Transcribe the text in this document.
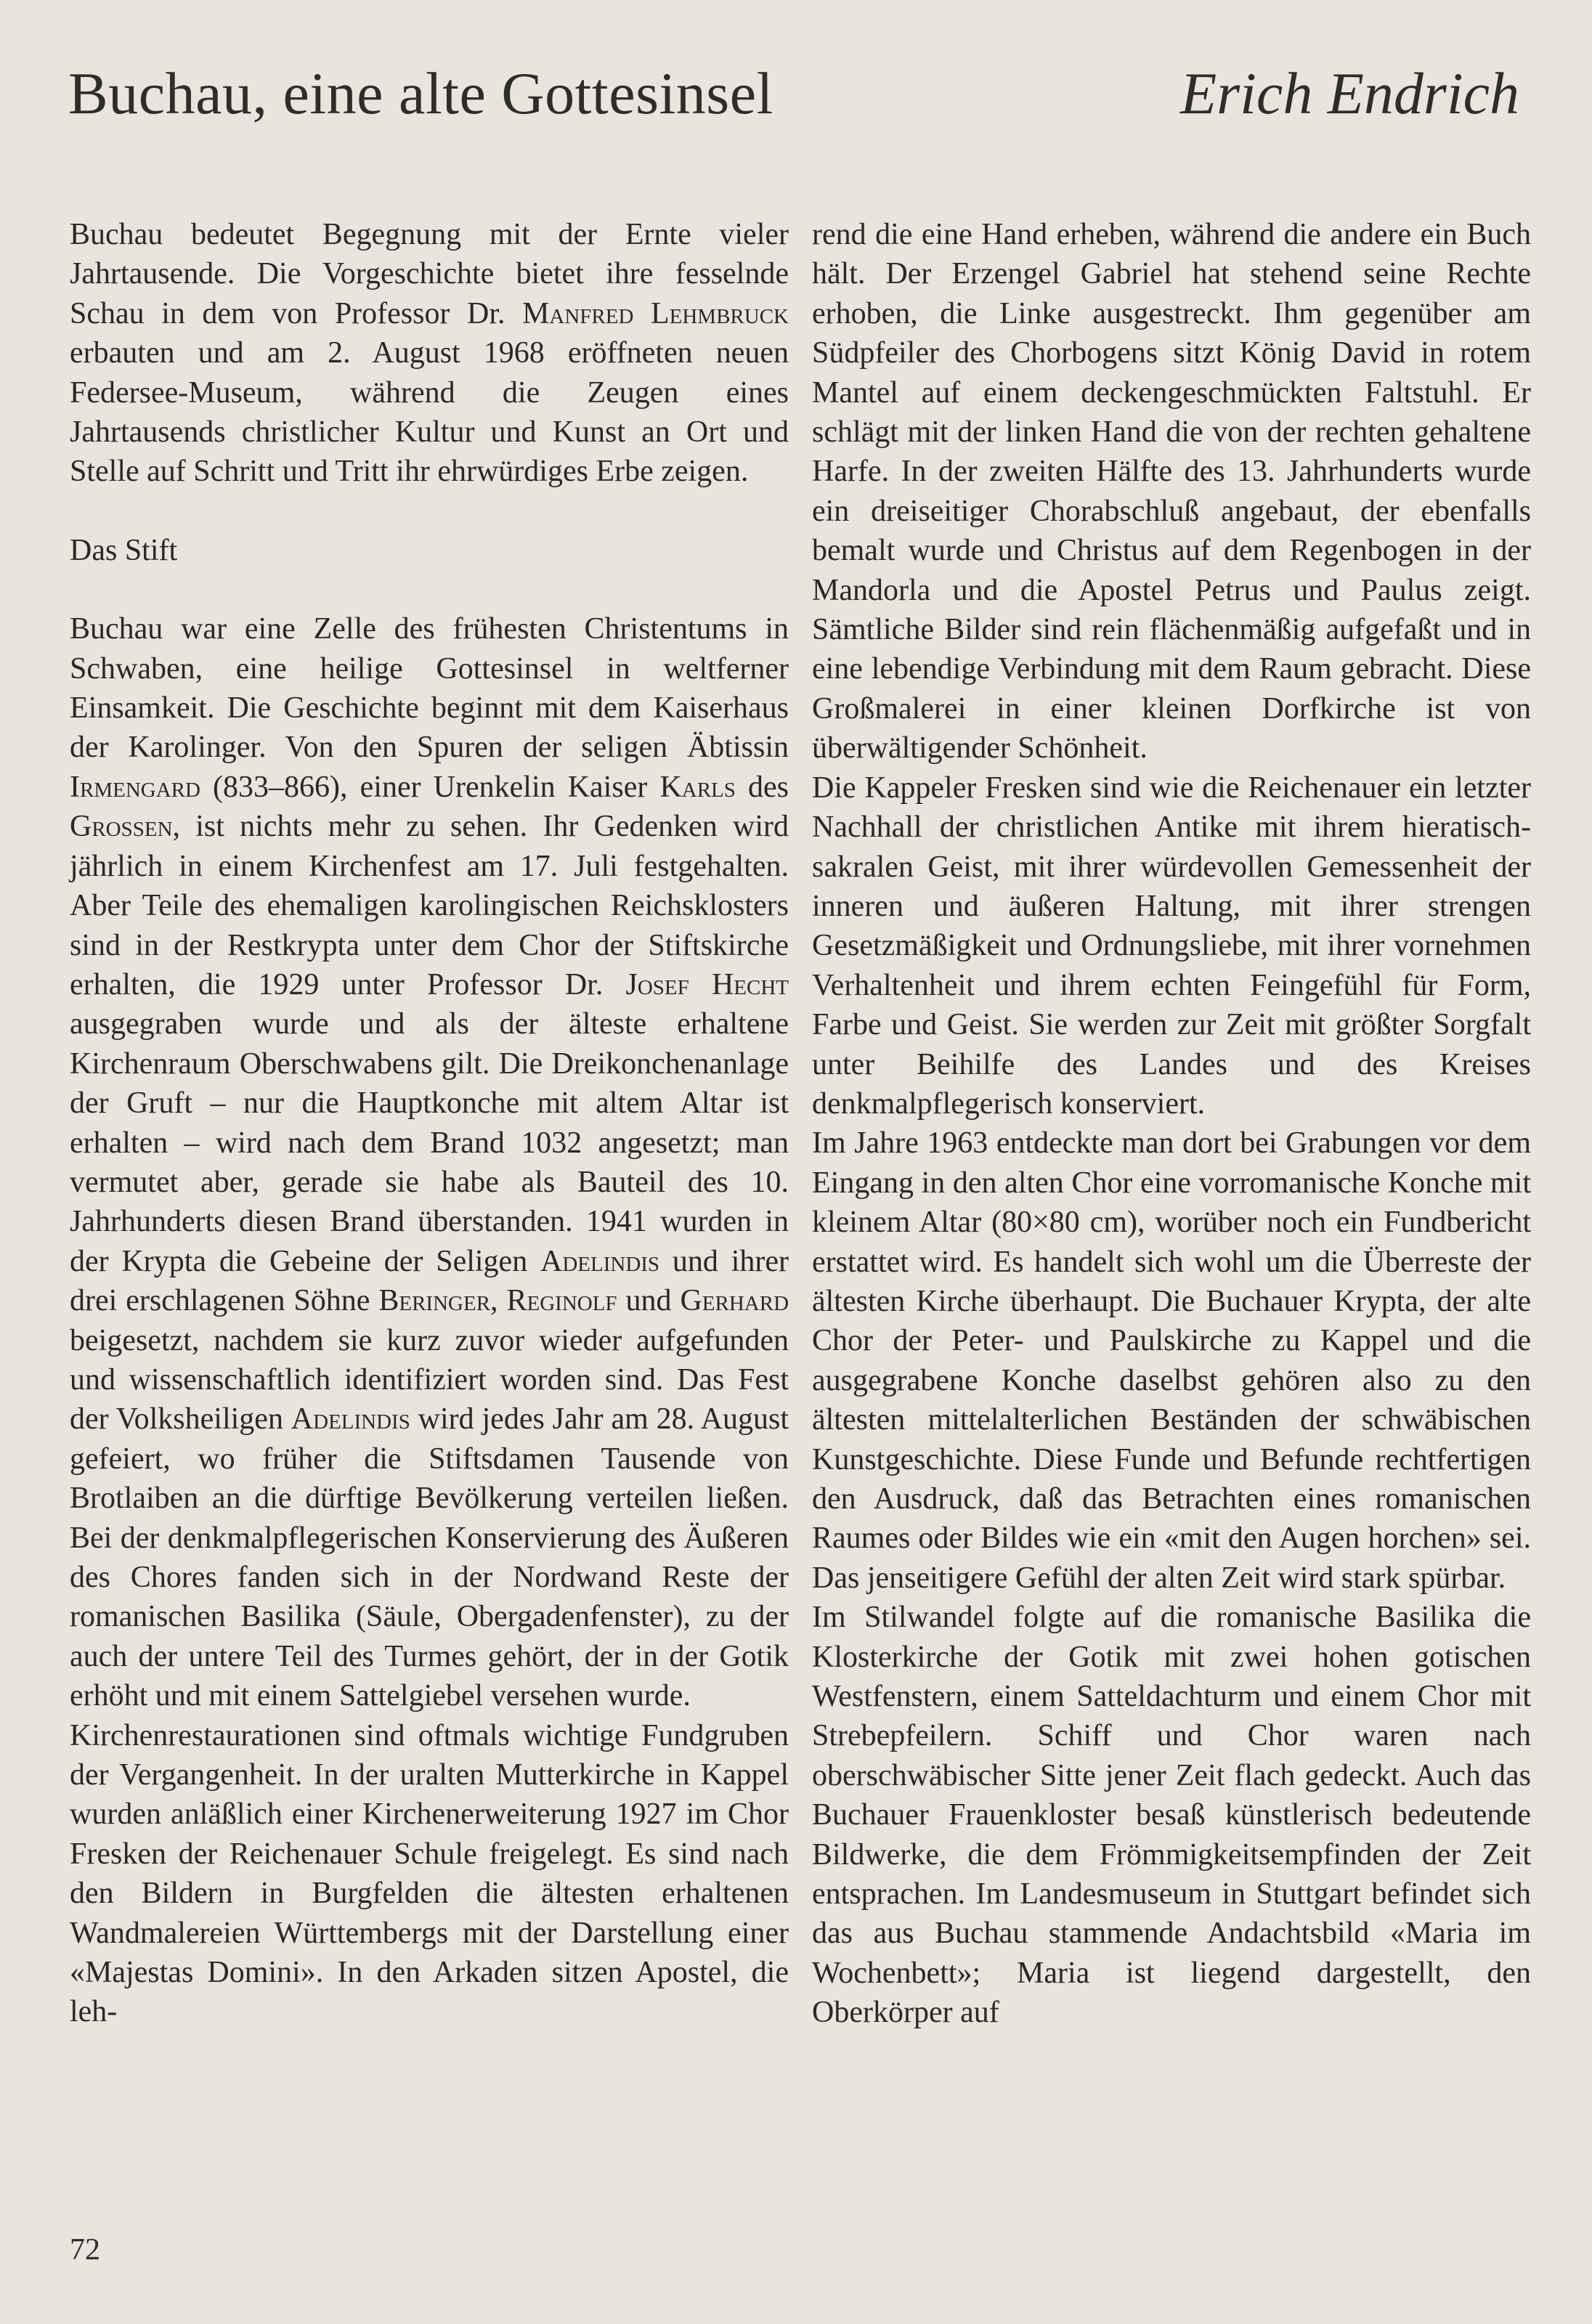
Buchau, eine alte Gottesinsel	Erich Endrich

Buchau bedeutet Begegnung mit der Ernte vieler Jahrtausende. Die Vorgeschichte bietet ihre fesselnde Schau in dem von Professor Dr. Manfred Lehmbruck erbauten und am 2. August 1968 eröffneten neuen Federsee-Museum, während die Zeugen eines Jahrtausends christlicher Kultur und Kunst an Ort und Stelle auf Schritt und Tritt ihr ehrwürdiges Erbe zeigen.

Das Stift

Buchau war eine Zelle des frühesten Christentums in Schwaben, eine heilige Gottesinsel in weltferner Einsamkeit. Die Geschichte beginnt mit dem Kaiserhaus der Karolinger. Von den Spuren der seligen Äbtissin Irmengard (833–866), einer Urenkelin Kaiser Karls des Grossen, ist nichts mehr zu sehen. Ihr Gedenken wird jährlich in einem Kirchenfest am 17. Juli festgehalten. Aber Teile des ehemaligen karolingischen Reichsklosters sind in der Restkrypta unter dem Chor der Stiftskirche erhalten, die 1929 unter Professor Dr. Josef Hecht ausgegraben wurde und als der älteste erhaltene Kirchenraum Oberschwabens gilt. Die Dreikonchenanlage der Gruft – nur die Hauptkonche mit altem Altar ist erhalten – wird nach dem Brand 1032 angesetzt; man vermutet aber, gerade sie habe als Bauteil des 10. Jahrhunderts diesen Brand überstanden. 1941 wurden in der Krypta die Gebeine der Seligen Adelindis und ihrer drei erschlagenen Söhne Beringer, Reginolf und Gerhard beigesetzt, nachdem sie kurz zuvor wieder aufgefunden und wissenschaftlich identifiziert worden sind. Das Fest der Volksheiligen Adelindis wird jedes Jahr am 28. August gefeiert, wo früher die Stiftsdamen Tausende von Brotlaiben an die dürftige Bevölkerung verteilen ließen. Bei der denkmalpflegerischen Konservierung des Äußeren des Chores fanden sich in der Nordwand Reste der romanischen Basilika (Säule, Obergadenfenster), zu der auch der untere Teil des Turmes gehört, der in der Gotik erhöht und mit einem Sattelgiebel versehen wurde.

Kirchenrestaurationen sind oftmals wichtige Fundgruben der Vergangenheit. In der uralten Mutterkirche in Kappel wurden anläßlich einer Kirchenerweiterung 1927 im Chor Fresken der Reichenauer Schule freigelegt. Es sind nach den Bildern in Burgfelden die ältesten erhaltenen Wandmalereien Württembergs mit der Darstellung einer «Majestas Domini». In den Arkaden sitzen Apostel, die leh-

rend die eine Hand erheben, während die andere ein Buch hält. Der Erzengel Gabriel hat stehend seine Rechte erhoben, die Linke ausgestreckt. Ihm gegenüber am Südpfeiler des Chorbogens sitzt König David in rotem Mantel auf einem deckengeschmückten Faltstuhl. Er schlägt mit der linken Hand die von der rechten gehaltene Harfe. In der zweiten Hälfte des 13. Jahrhunderts wurde ein dreiseitiger Chorabschluß angebaut, der ebenfalls bemalt wurde und Christus auf dem Regenbogen in der Mandorla und die Apostel Petrus und Paulus zeigt. Sämtliche Bilder sind rein flächenmäßig aufgefaßt und in eine lebendige Verbindung mit dem Raum gebracht. Diese Großmalerei in einer kleinen Dorfkirche ist von überwältigender Schönheit.

Die Kappeler Fresken sind wie die Reichenauer ein letzter Nachhall der christlichen Antike mit ihrem hieratisch-sakralen Geist, mit ihrer würdevollen Gemessenheit der inneren und äußeren Haltung, mit ihrer strengen Gesetzmäßigkeit und Ordnungsliebe, mit ihrer vornehmen Verhaltenheit und ihrem echten Feingefühl für Form, Farbe und Geist. Sie werden zur Zeit mit größter Sorgfalt unter Beihilfe des Landes und des Kreises denkmalpflegerisch konserviert.

Im Jahre 1963 entdeckte man dort bei Grabungen vor dem Eingang in den alten Chor eine vorromanische Konche mit kleinem Altar (80×80 cm), worüber noch ein Fundbericht erstattet wird. Es handelt sich wohl um die Überreste der ältesten Kirche überhaupt. Die Buchauer Krypta, der alte Chor der Peter- und Paulskirche zu Kappel und die ausgegrabene Konche daselbst gehören also zu den ältesten mittelalterlichen Beständen der schwäbischen Kunstgeschichte. Diese Funde und Befunde rechtfertigen den Ausdruck, daß das Betrachten eines romanischen Raumes oder Bildes wie ein «mit den Augen horchen» sei. Das jenseitigere Gefühl der alten Zeit wird stark spürbar.

Im Stilwandel folgte auf die romanische Basilika die Klosterkirche der Gotik mit zwei hohen gotischen Westfenstern, einem Satteldachturm und einem Chor mit Strebepfeilern. Schiff und Chor waren nach oberschwäbischer Sitte jener Zeit flach gedeckt. Auch das Buchauer Frauenkloster besaß künstlerisch bedeutende Bildwerke, die dem Frömmigkeitsempfinden der Zeit entsprachen. Im Landesmuseum in Stuttgart befindet sich das aus Buchau stammende Andachtsbild «Maria im Wochenbett»; Maria ist liegend dargestellt, den Oberkörper auf

72
